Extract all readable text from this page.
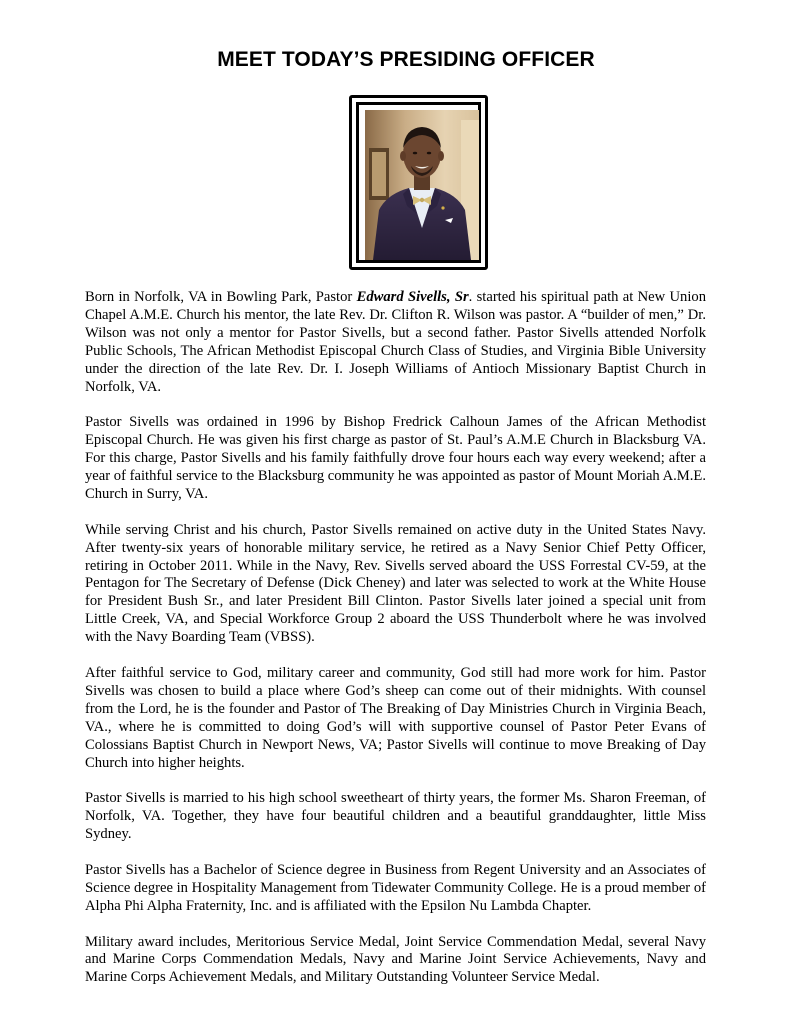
MEET TODAY’S PRESIDING OFFICER

Born in Norfolk, VA in Bowling Park, Pastor Edward Sivells, Sr. started his spiritual path at New Union Chapel A.M.E. Church his mentor, the late Rev. Dr. Clifton R. Wilson was pastor. A “builder of men,” Dr. Wilson was not only a mentor for Pastor Sivells, but a second father. Pastor Sivells attended Norfolk Public Schools, The African Methodist Episcopal Church Class of Studies, and Virginia Bible University under the direction of the late Rev. Dr. I. Joseph Williams of Antioch Missionary Baptist Church in Norfolk, VA.

Pastor Sivells was ordained in 1996 by Bishop Fredrick Calhoun James of the African Methodist Episcopal Church. He was given his first charge as pastor of St. Paul’s A.M.E Church in Blacksburg VA. For this charge, Pastor Sivells and his family faithfully drove four hours each way every weekend; after a year of faithful service to the Blacksburg community he was appointed as pastor of Mount Moriah A.M.E. Church in Surry, VA.

While serving Christ and his church, Pastor Sivells remained on active duty in the United States Navy. After twenty-six years of honorable military service, he retired as a Navy Senior Chief Petty Officer, retiring in October 2011. While in the Navy, Rev. Sivells served aboard the USS Forrestal CV-59, at the Pentagon for The Secretary of Defense (Dick Cheney) and later was selected to work at the White House for President Bush Sr., and later President Bill Clinton. Pastor Sivells later joined a special unit from Little Creek, VA, and Special Workforce Group 2 aboard the USS Thunderbolt where he was involved with the Navy Boarding Team (VBSS).

After faithful service to God, military career and community, God still had more work for him. Pastor Sivells was chosen to build a place where God’s sheep can come out of their midnights. With counsel from the Lord, he is the founder and Pastor of The Breaking of Day Ministries Church in Virginia Beach, VA., where he is committed to doing God’s will with supportive counsel of Pastor Peter Evans of Colossians Baptist Church in Newport News, VA; Pastor Sivells will continue to move Breaking of Day Church into higher heights.

Pastor Sivells is married to his high school sweetheart of thirty years, the former Ms. Sharon Freeman, of Norfolk, VA. Together, they have four beautiful children and a beautiful granddaughter, little Miss Sydney.

Pastor Sivells has a Bachelor of Science degree in Business from Regent University and an Associates of Science degree in Hospitality Management from Tidewater Community College. He is a proud member of Alpha Phi Alpha Fraternity, Inc. and is affiliated with the Epsilon Nu Lambda Chapter.

Military award includes, Meritorious Service Medal, Joint Service Commendation Medal, several Navy and Marine Corps Commendation Medals, Navy and Marine Joint Service Achievements, Navy and Marine Corps Achievement Medals, and Military Outstanding Volunteer Service Medal.
